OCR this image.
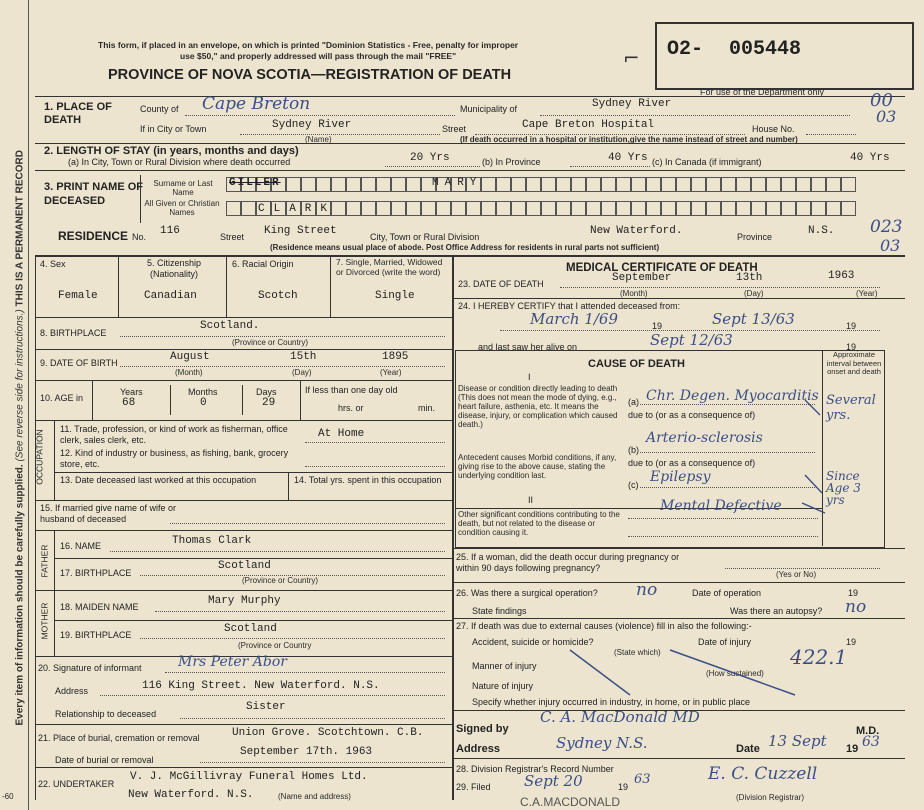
Every item of information should be carefully supplied. (See reverse side for instructions.) THIS IS A PERMANENT RECORD
This form, if placed in an envelope, on which is printed "Dominion Statistics - Free, penalty for improper
use $50," and properly addressed will pass through the mail "FREE"
PROVINCE OF NOVA SCOTIA—REGISTRATION OF DEATH
O2- 005448
For use of the Department only
⌐
1. PLACE OF DEATH
County of Cape Breton	Municipality of	Sydney River	00
03
If in City or Town	Sydney River
(Name)
Street	Cape Breton Hospital	House No.
(If death occurred in a hospital or institution,give the name instead of street and number)
2. LENGTH OF STAY (in years, months and days)
(a) In City, Town or Rural Division where death occurred	20 Yrs	(b) In Province	40 Yrs (c) In Canada (if immigrant)	40 Yrs
3. PRINT NAME OF DECEASED
Surname or Last Name
All Given or Christian Names
GILLER	MARY
CLARK
RESIDENCE No. 116	Street King Street	City, Town or Rural Division	New Waterford.	Province	N.S. 023
03
(Residence means usual place of abode. Post Office Address for residents in rural parts not sufficient)
4. Sex
Female
5. Citizenship (Nationality)
Canadian
6. Racial Origin
Scotch
7. Single, Married, Widowed or Divorced (write the word)
Single
8. BIRTHPLACE
Scotland.
(Province or Country)
9. DATE OF BIRTH	August	15th	1895
(Month)	(Day)	(Year)
10. AGE in
Years	Months	Days
68	0	29
If less than one day old
hrs. or	min.
OCCUPATION
11. Trade, profession, or kind of work as fisherman, office clerk, sales clerk, etc.	At Home
12. Kind of industry or business, as fishing, bank, grocery store, etc.
13. Date deceased last worked at this occupation	14. Total yrs. spent in this occupation
15. If married give name of wife or husband of deceased
FATHER 16. NAME	Thomas Clark
17. BIRTHPLACE
Scotland
(Province or Country)
MOTHER 18. MAIDEN NAME	Mary Murphy
19. BIRTHPLACE	Scotland
(Province or Country
20. Signature of informant	Mrs Peter Abor
Address	116 King Street. New Waterford. N.S.
Relationship to deceased
Sister
21. Place of burial, cremation or removal	Union Grove. Scotchtown. C.B.
Date of burial or removal
September 17th. 1963
22. UNDERTAKER
V. J. McGillivray Funeral Homes Ltd.
New Waterford. N.S.	(Name and address)
-60
MEDICAL CERTIFICATE OF DEATH
23. DATE OF DEATH	September	13th	1963
(Month)	(Day)	(Year)
24. I HEREBY CERTIFY that I attended deceased from:
March 1/69	19	Sept 13/63	19
and last saw her alive on	Sept 12/63	19
CAUSE OF DEATH
Approximate interval between onset and death
I
Disease or condition directly leading to death (This does not mean the mode of dying, e.g., heart failure, asthenia, etc. It means the disease, injury, or complication which caused death.)
Antecedent causes Morbid conditions, if any, giving rise to the above cause, stating the underlying condition last.
II
Other significant conditions contributing to the death, but not related to the disease or condition causing it.
(a) Chr. Degen. Myocarditis
due to (or as a consequence of)
Several yrs.
(b)
Arterio-sclerosis
due to (or as a consequence of)
(c) Epilepsy	Since Age 3 yrs
Mental Defective
25. If a woman, did the death occur during pregnancy or within 90 days following pregnancy?
(Yes or No)
26. Was there a surgical operation? no	Date of operation	19
State findings	Was there an autopsy? no
27. If death was due to external causes (violence) fill in also the following:-
Accident, suicide or homicide?	Date of injury	19
(State which)
Manner of injury	422.1
(How sustained)
Nature of injury
Specify whether injury occurred in industry, in home, or in public place
Signed by
C. A. MacDonald MD
M.D.
Address	Sydney N.S.	Date 13 Sept 19 63
28. Division Registrar's Record Number
29. Filed Sept 20	19 63	E. C. Cuzzell
(Division Registrar)
C.A.MACDONALD
